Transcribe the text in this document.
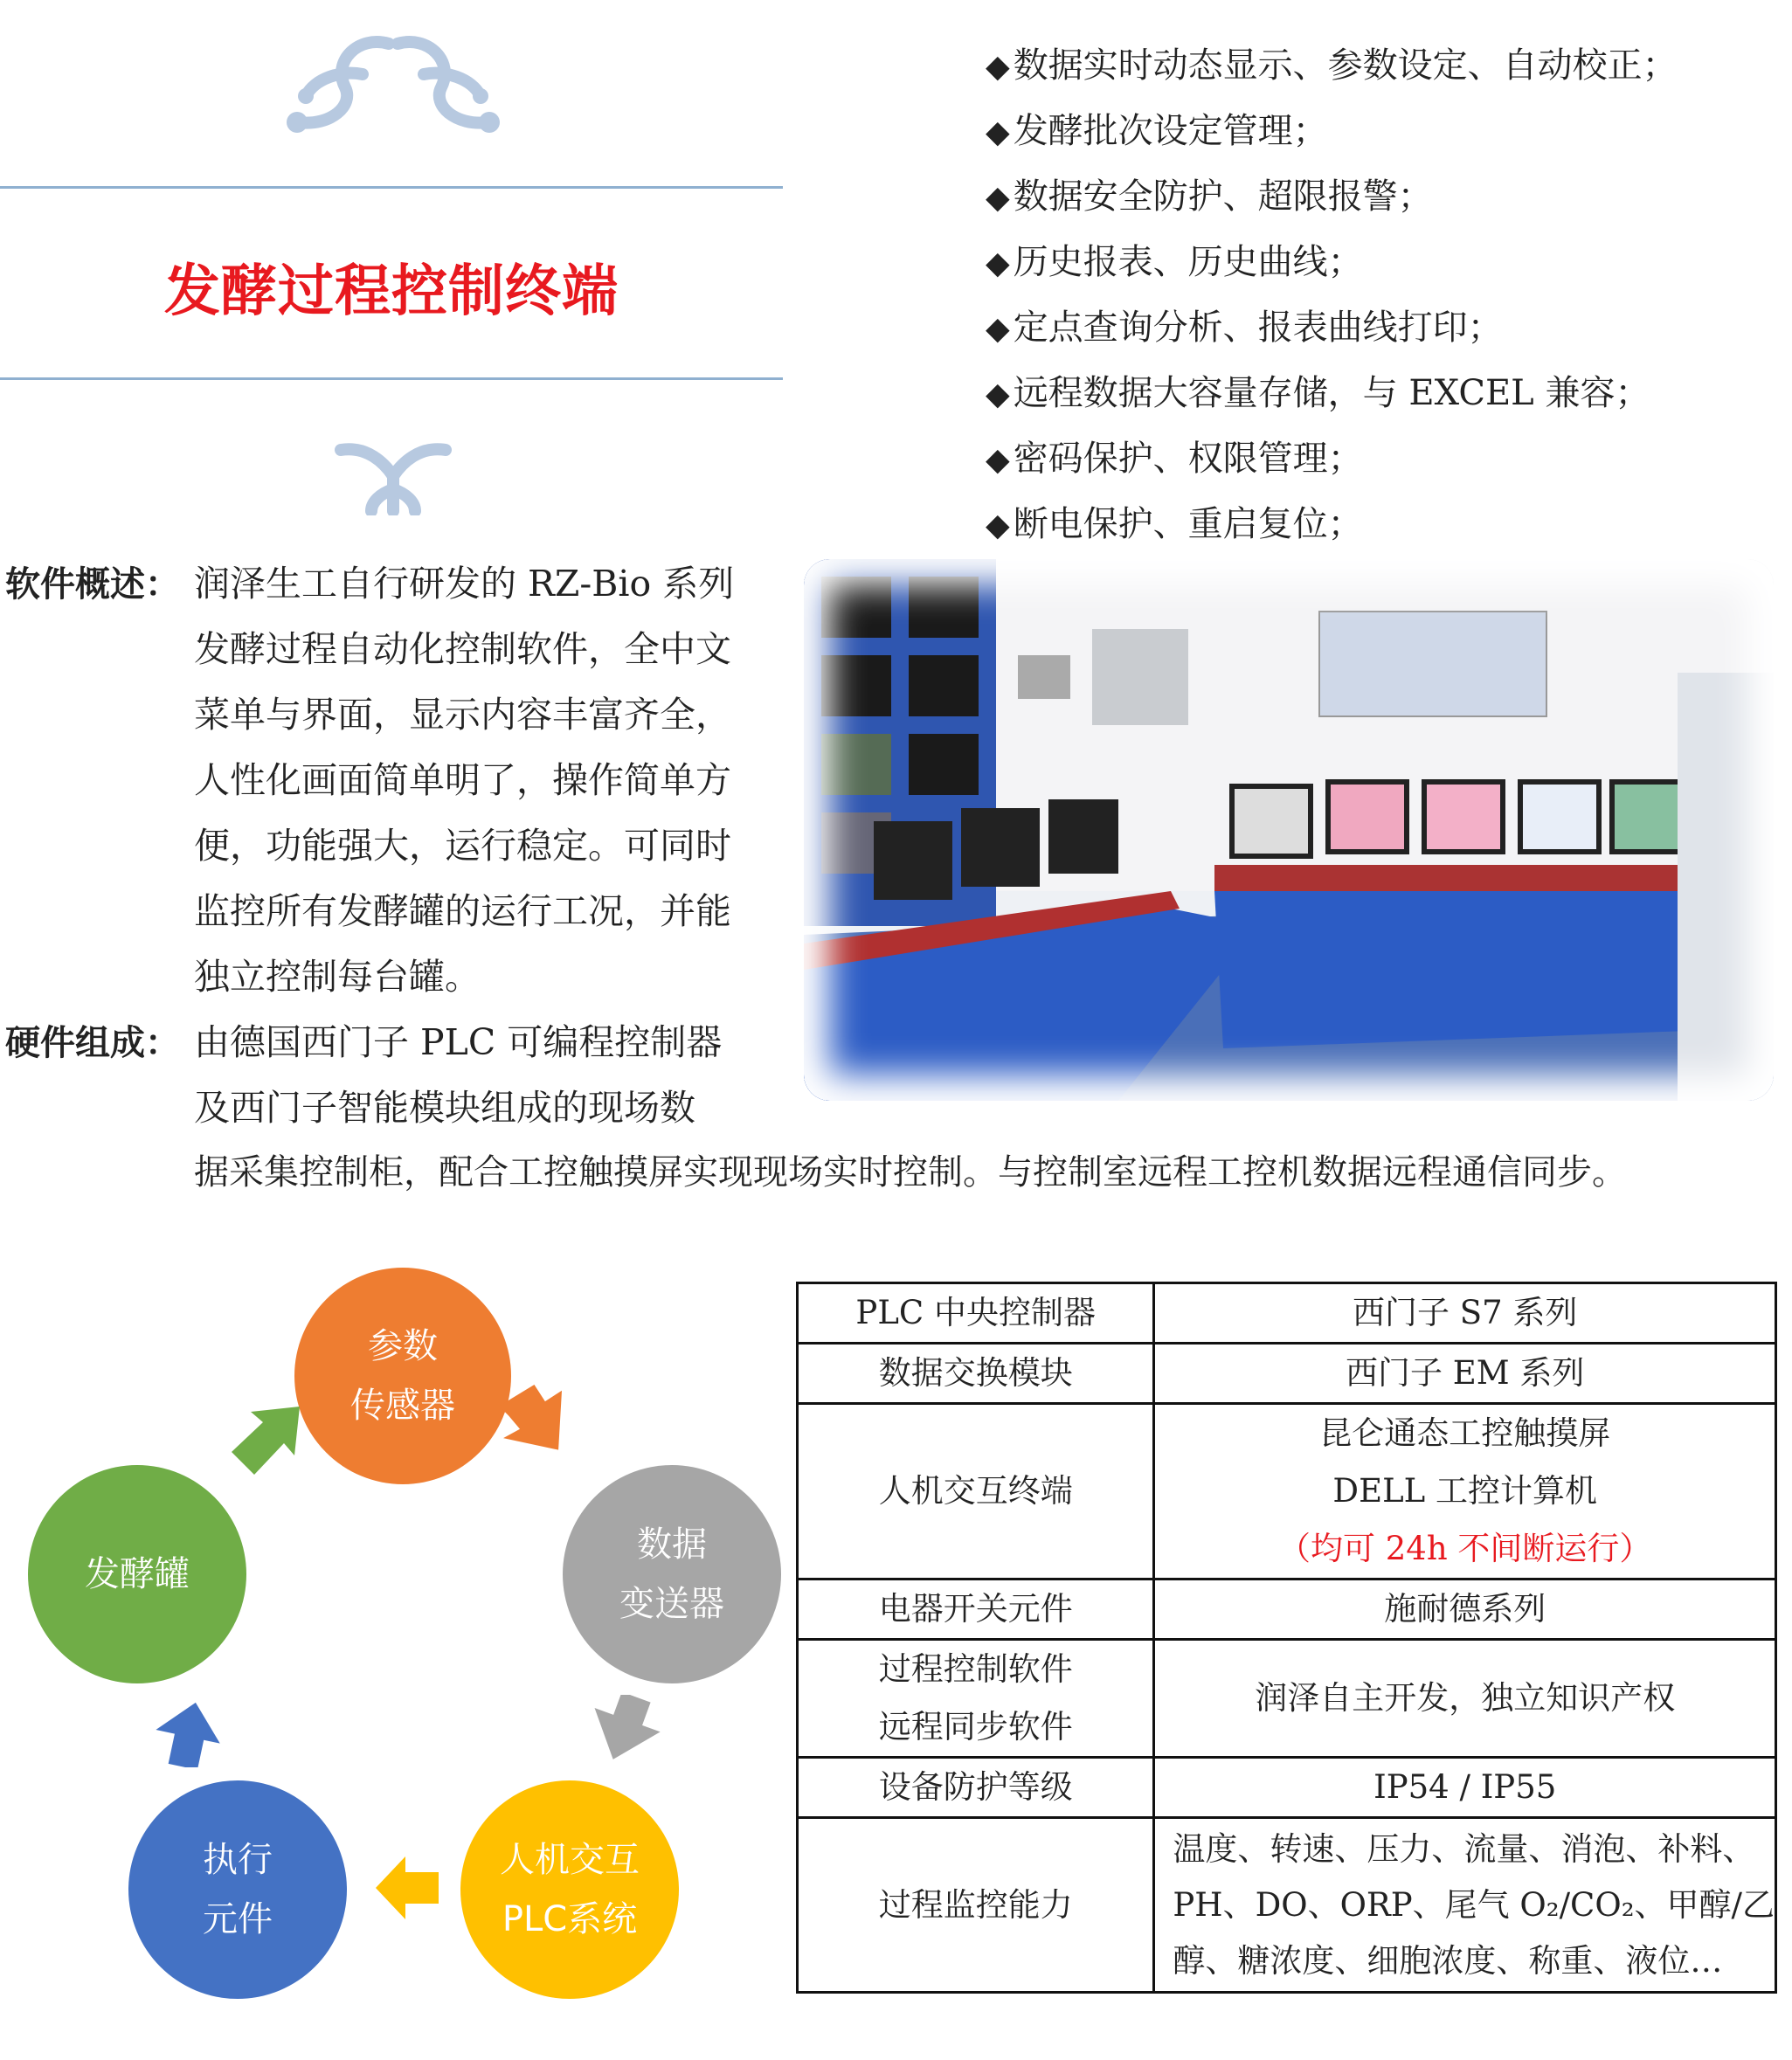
发酵过程控制终端
◆ 数据实时动态显示、参数设定、自动校正；
◆ 发酵批次设定管理；
◆ 数据安全防护、超限报警；
◆ 历史报表、历史曲线；
◆ 定点查询分析、报表曲线打印；
◆ 远程数据大容量存储，与 EXCEL 兼容；
◆ 密码保护、权限管理；
◆ 断电保护、重启复位；
软件概述： 润泽生工自行研发的 RZ-Bio 系列
发酵过程自动化控制软件，全中文
菜单与界面，显示内容丰富齐全，
人性化画面简单明了，操作简单方
便，功能强大，运行稳定。可同时
监控所有发酵罐的运行工况，并能
独立控制每台罐。
硬件组成： 由德国西门子 PLC 可编程控制器
及西门子智能模块组成的现场数
据采集控制柜，配合工控触摸屏实现现场实时控制。与控制室远程工控机数据远程通信同步。
参数
传感器
数据
变送器
人机交互
PLC系统
执行
元件
发酵罐
PLC 中央控制器	西门子 S7 系列

数据交换模块	西门子 EM 系列

人机交互终端	昆仑通态工控触摸屏
DELL 工控计算机
（均可 24h 不间断运行）

电器开关元件	施耐德系列

过程控制软件
远程同步软件	润泽自主开发，独立知识产权

设备防护等级	IP54 / IP55

过程监控能力	温度、转速、压力、流量、消泡、补料、
PH、DO、ORP、尾气 O₂/CO₂、甲醇/乙
醇、糖浓度、细胞浓度、称重、液位…
